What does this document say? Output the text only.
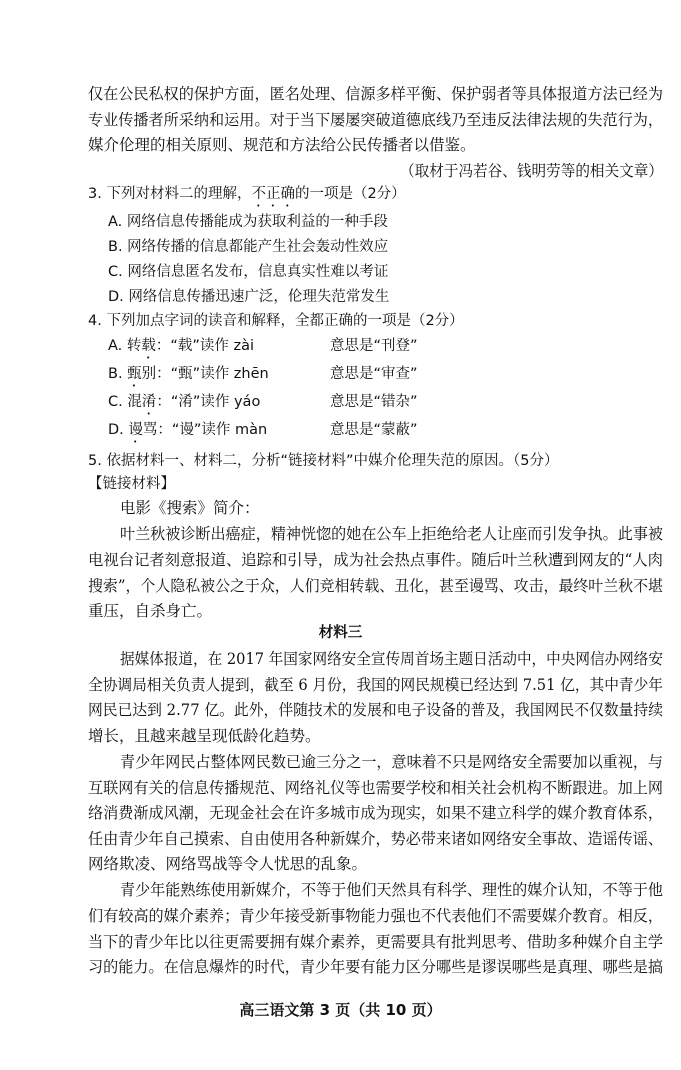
仅在公民私权的保护方面，匿名处理、信源多样平衡、保护弱者等具体报道方法已经为
专业传播者所采纳和运用。对于当下屡屡突破道德底线乃至违反法律法规的失范行为，
媒介伦理的相关原则、规范和方法给公民传播者以借鉴。
（取材于冯若谷、钱明劳等的相关文章）
3. 下列对材料二的理解，不正确的一项是（2分）
A. 网络信息传播能成为获取利益的一种手段
B. 网络传播的信息都能产生社会轰动性效应
C. 网络信息匿名发布，信息真实性难以考证
D. 网络信息传播迅速广泛，伦理失范常发生
4. 下列加点字词的读音和解释，全都正确的一项是（2分）
A. 转载：“载”读作 zài	意思是“刊登”
B. 甄别：“甄”读作 zhēn	意思是“审查”
C. 混淆：“淆”读作 yáo	意思是“错杂”
D. 谩骂：“谩”读作 màn	意思是“蒙蔽”
5. 依据材料一、材料二，分析“链接材料”中媒介伦理失范的原因。（5分）
【链接材料】
电影《搜索》简介：
叶兰秋被诊断出癌症，精神恍惚的她在公车上拒绝给老人让座而引发争执。此事被
电视台记者刻意报道、追踪和引导，成为社会热点事件。随后叶兰秋遭到网友的“人肉
搜索”，个人隐私被公之于众，人们竞相转载、丑化，甚至谩骂、攻击，最终叶兰秋不堪
重压，自杀身亡。
材料三
据媒体报道，在 2017 年国家网络安全宣传周首场主题日活动中，中央网信办网络安
全协调局相关负责人提到，截至 6 月份，我国的网民规模已经达到 7.51 亿，其中青少年
网民已达到 2.77 亿。此外，伴随技术的发展和电子设备的普及，我国网民不仅数量持续
增长，且越来越呈现低龄化趋势。
青少年网民占整体网民数已逾三分之一，意味着不只是网络安全需要加以重视，与
互联网有关的信息传播规范、网络礼仪等也需要学校和相关社会机构不断跟进。加上网
络消费渐成风潮，无现金社会在许多城市成为现实，如果不建立科学的媒介教育体系，
任由青少年自己摸索、自由使用各种新媒介，势必带来诸如网络安全事故、造谣传谣、
网络欺凌、网络骂战等令人忧思的乱象。
青少年能熟练使用新媒介，不等于他们天然具有科学、理性的媒介认知，不等于他
们有较高的媒介素养；青少年接受新事物能力强也不代表他们不需要媒介教育。相反，
当下的青少年比以往更需要拥有媒介素养，更需要具有批判思考、借助多种媒介自主学
习的能力。在信息爆炸的时代，青少年要有能力区分哪些是谬误哪些是真理、哪些是搞
高三语文第 3 页（共 10 页）
